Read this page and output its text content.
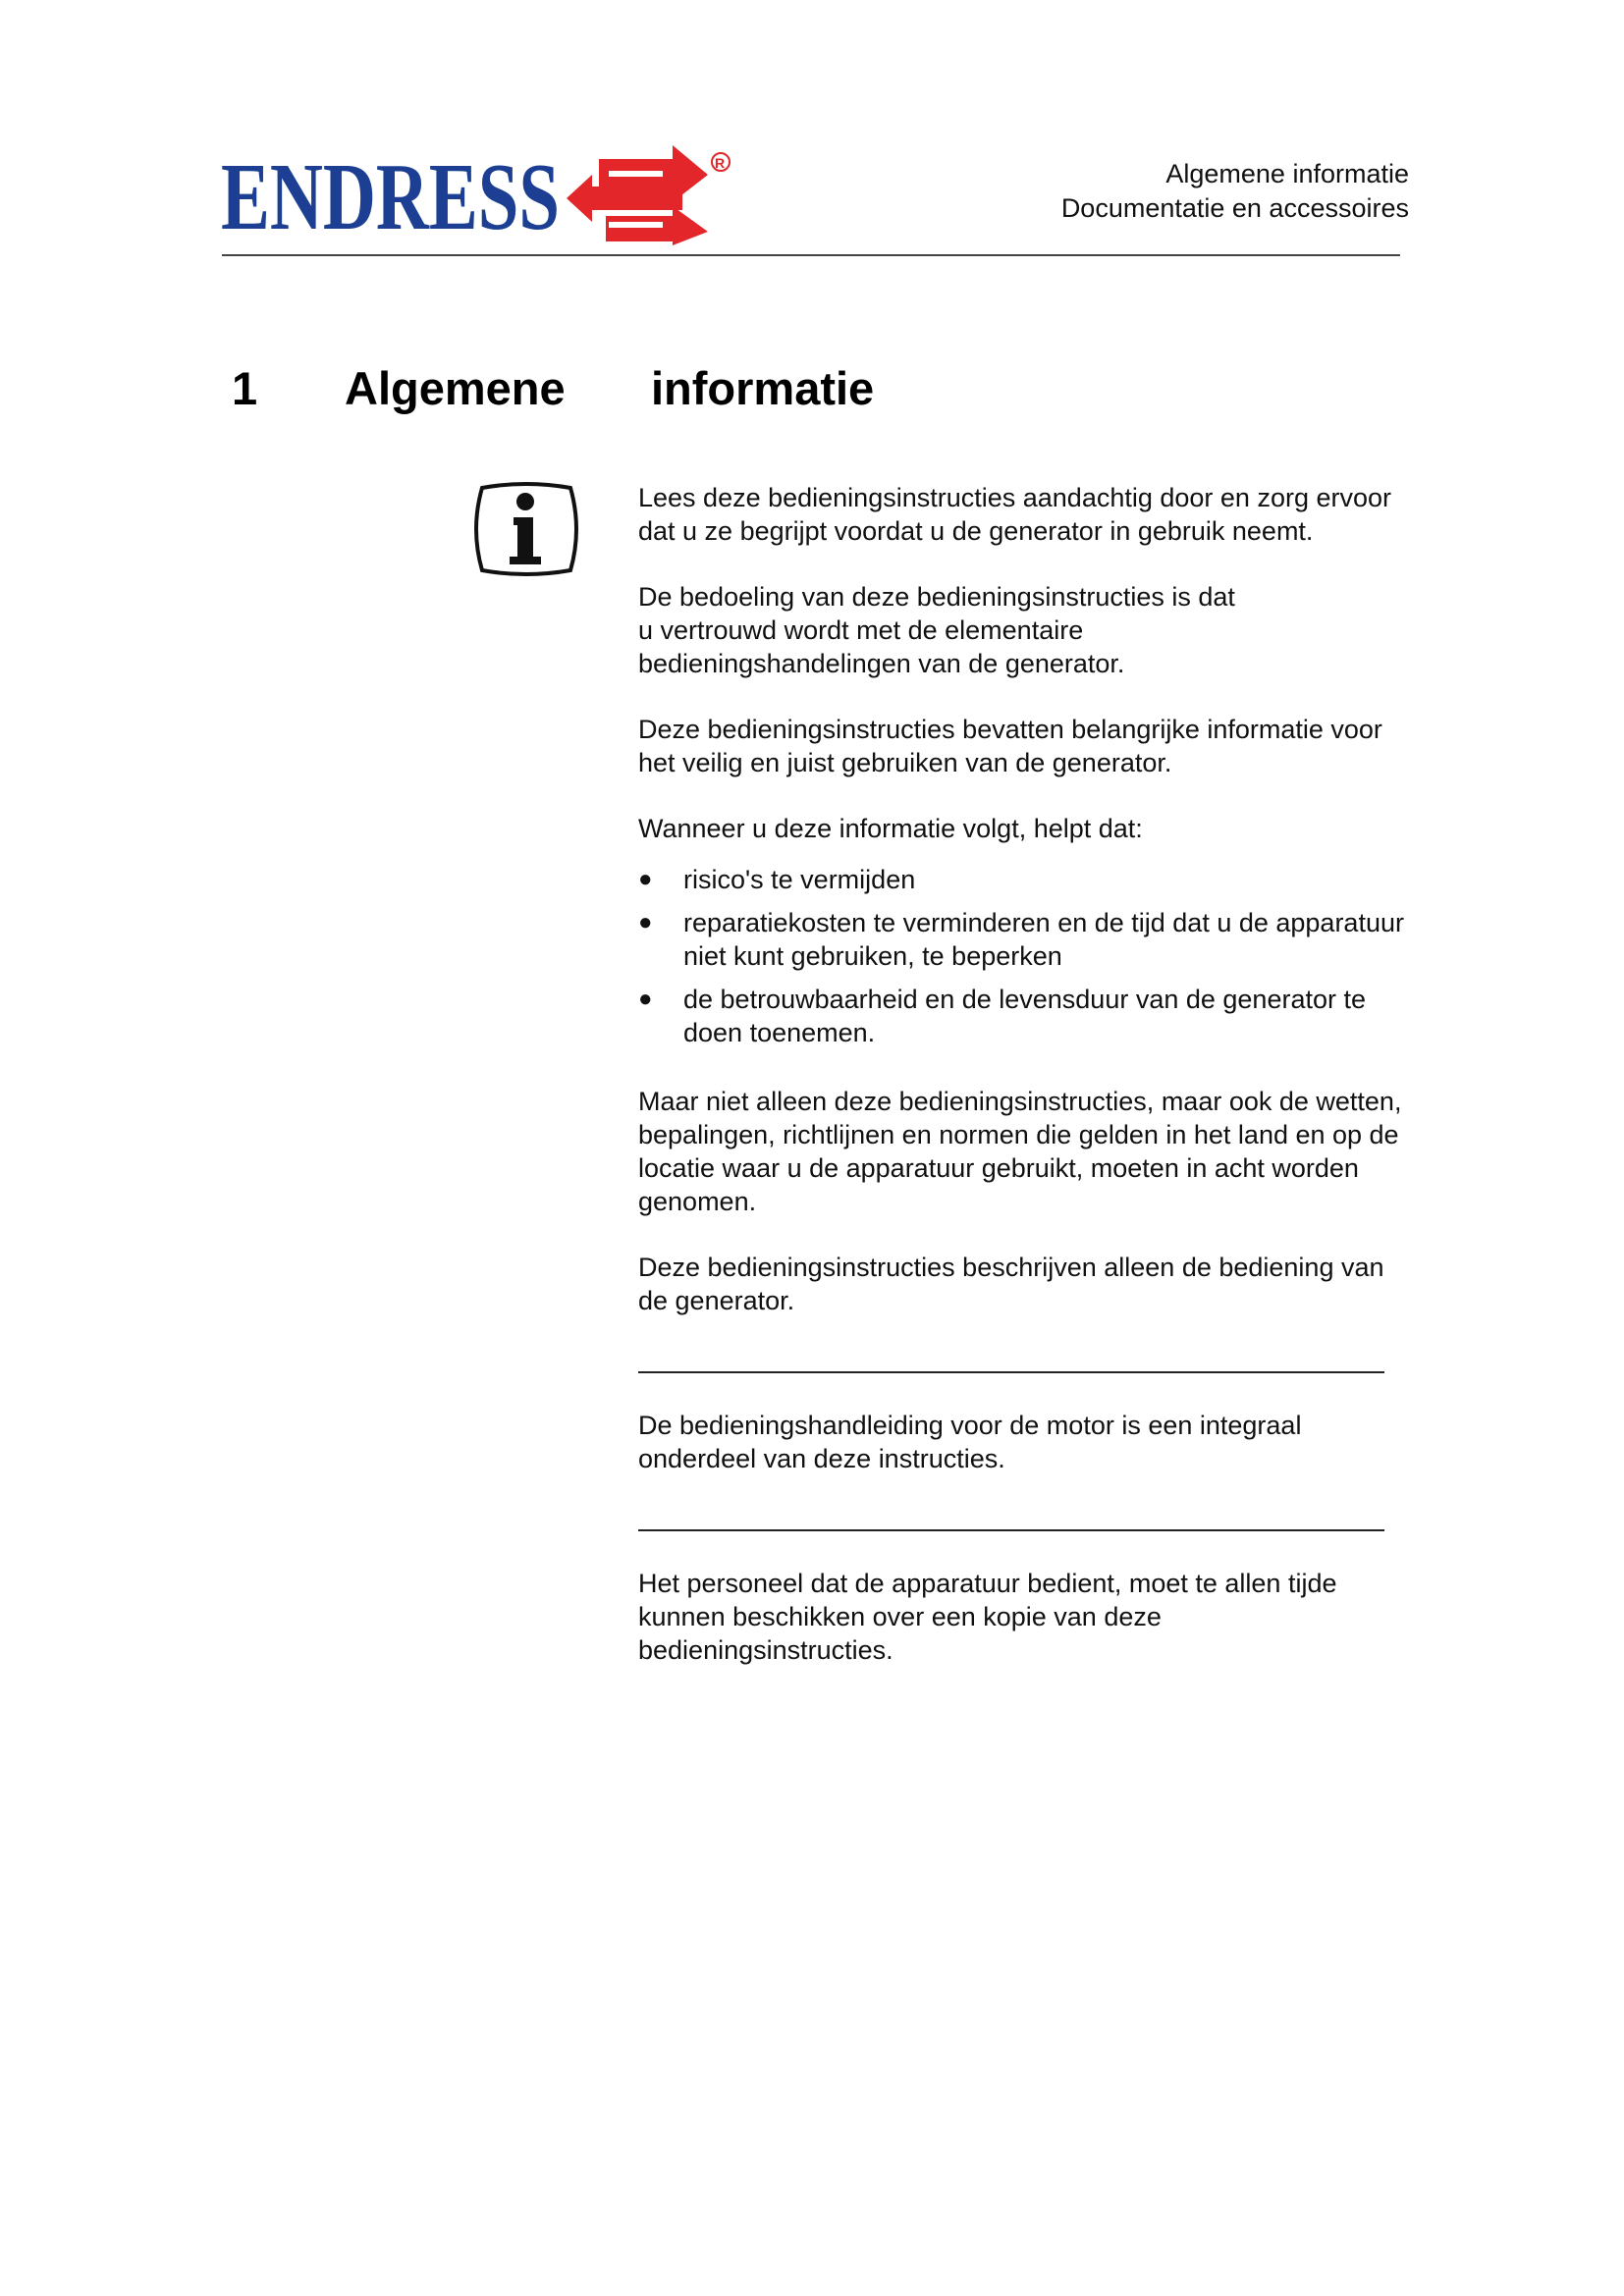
ENDRESS	R	Algemene informatie
Documentatie en accessoires
1 Algemene informatie

Lees deze bedieningsinstructies aandachtig door en zorg ervoor dat u ze begrijpt voordat u de generator in gebruik neemt.

De bedoeling van deze bedieningsinstructies is dat
u vertrouwd wordt met de elementaire
bedieningshandelingen van de generator.

Deze bedieningsinstructies bevatten belangrijke informatie voor het veilig en juist gebruiken van de generator.

Wanneer u deze informatie volgt, helpt dat:

● risico's te vermijden
● reparatiekosten te verminderen en de tijd dat u de apparatuur niet kunt gebruiken, te beperken
● de betrouwbaarheid en de levensduur van de generator te doen toenemen.

Maar niet alleen deze bedieningsinstructies, maar ook de wetten, bepalingen, richtlijnen en normen die gelden in het land en op de locatie waar u de apparatuur gebruikt, moeten in acht worden genomen.

Deze bedieningsinstructies beschrijven alleen de bediening van de generator.

De bedieningshandleiding voor de motor is een integraal onderdeel van deze instructies.

Het personeel dat de apparatuur bedient, moet te allen tijde
kunnen beschikken over een kopie van deze
bedieningsinstructies.
